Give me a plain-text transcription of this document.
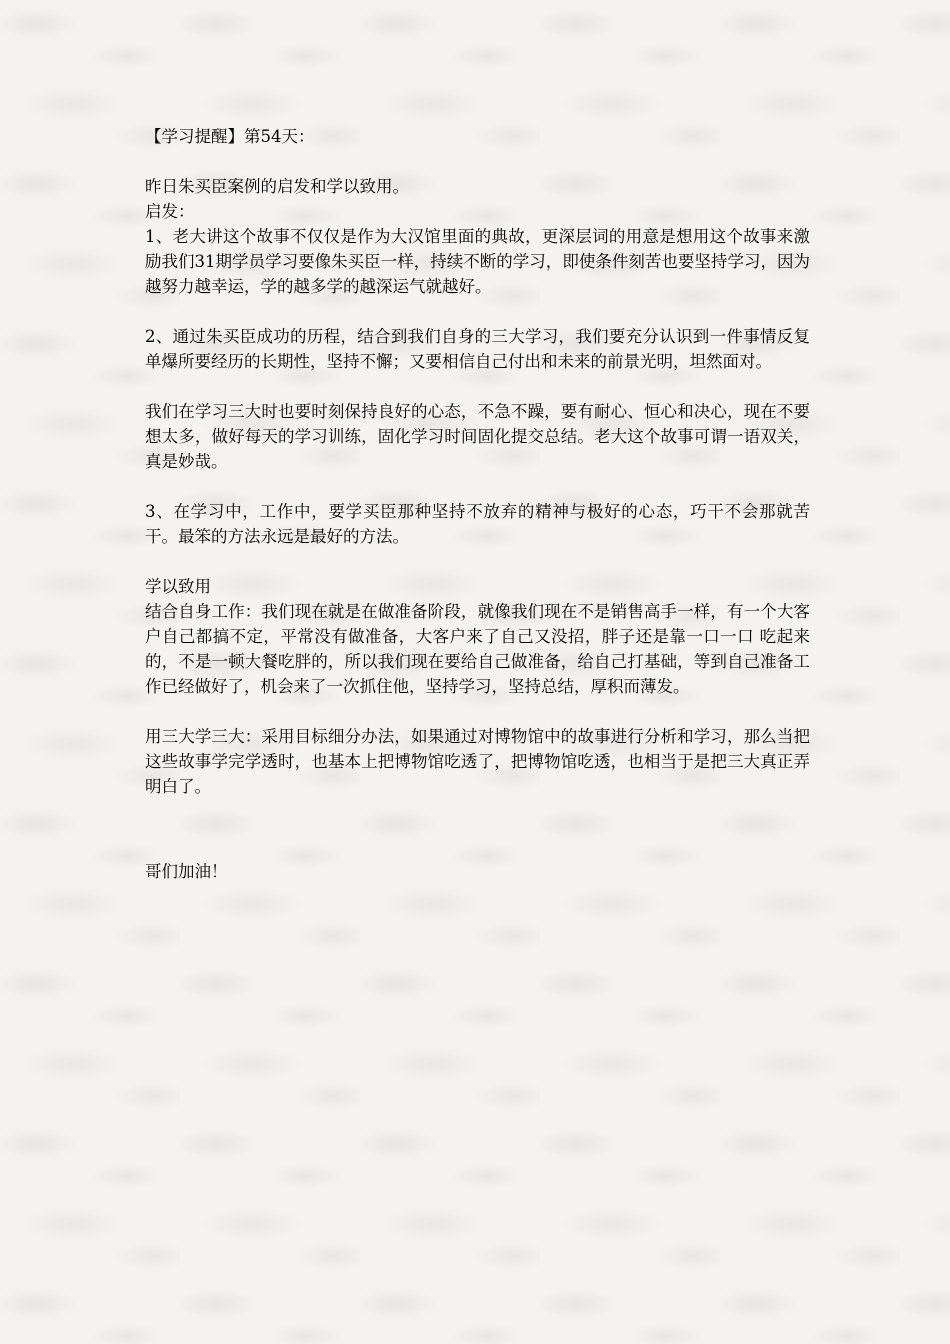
【学习提醒】第54天：

昨日朱买臣案例的启发和学以致用。

启发：

1、老大讲这个故事不仅仅是作为大汉馆里面的典故，更深层词的用意是想用这个故事来激励我们31期学员学习要像朱买臣一样，持续不断的学习，即使条件刻苦也要坚持学习，因为越努力越幸运，学的越多学的越深运气就越好。

2、通过朱买臣成功的历程，结合到我们自身的三大学习，我们要充分认识到一件事情反复单爆所要经历的长期性，坚持不懈；又要相信自己付出和未来的前景光明，坦然面对。

我们在学习三大时也要时刻保持良好的心态，不急不躁，要有耐心、恒心和决心，现在不要想太多，做好每天的学习训练，固化学习时间固化提交总结。老大这个故事可谓一语双关，真是妙哉。

3、在学习中，工作中，要学买臣那种坚持不放弃的精神与极好的心态，巧干不会那就苦干。最笨的方法永远是最好的方法。

学以致用

结合自身工作：我们现在就是在做准备阶段，就像我们现在不是销售高手一样，有一个大客户自己都搞不定，平常没有做准备，大客户来了自己又没招，胖子还是靠一口一口 吃起来的，不是一顿大餐吃胖的，所以我们现在要给自己做准备，给自己打基础，等到自己准备工作已经做好了，机会来了一次抓住他，坚持学习，坚持总结，厚积而薄发。

用三大学三大：采用目标细分办法，如果通过对博物馆中的故事进行分析和学习，那么当把这些故事学完学透时，也基本上把博物馆吃透了，把博物馆吃透，也相当于是把三大真正弄明白了。

哥们加油！
